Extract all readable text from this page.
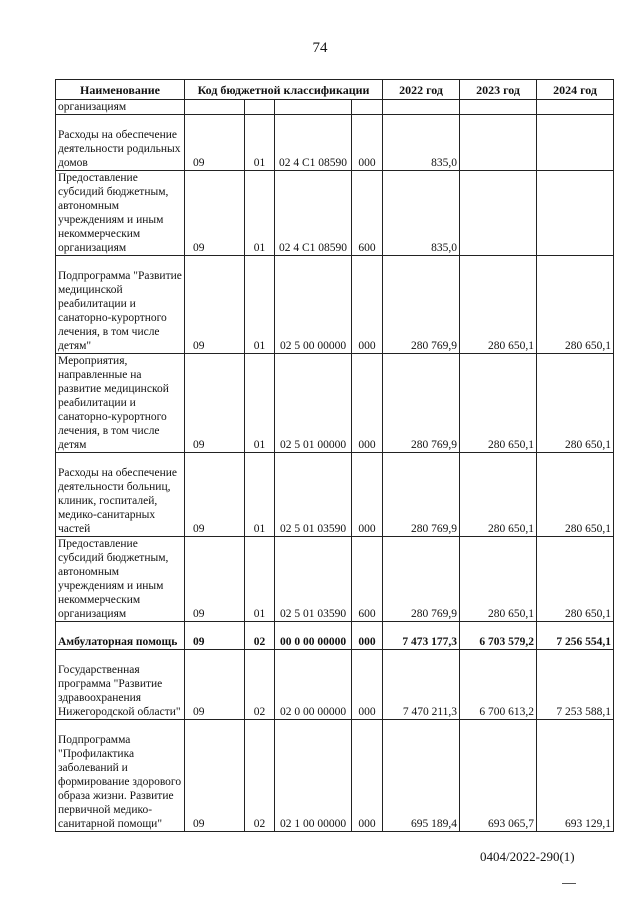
74
Наименование	Код бюджетной классификации					2022 год	2023 год	2024 год
организациям								
Расходы на обеспечение деятельности родильных домов	09		01	02 4 С1 08590	000	835,0		
Предоставление субсидий бюджетным, автономным учреждениям и иным некоммерческим организациям	09		01	02 4 С1 08590	600	835,0		
Подпрограмма "Развитие медицинской реабилитации и санаторно-курортного лечения, в том числе детям"	09		01	02 5 00 00000	000	280 769,9	280 650,1	280 650,1
Мероприятия, направленные на развитие медицинской реабилитации и санаторно-курортного лечения, в том числе детям	09		01	02 5 01 00000	000	280 769,9	280 650,1	280 650,1
Расходы на обеспечение деятельности больниц, клиник, госпиталей, медико-санитарных частей	09		01	02 5 01 03590	000	280 769,9	280 650,1	280 650,1
Предоставление субсидий бюджетным, автономным учреждениям и иным некоммерческим организациям	09		01	02 5 01 03590	600	280 769,9	280 650,1	280 650,1
Амбулаторная помощь	09		02	00 0 00 00000	000	7 473 177,3	6 703 579,2	7 256 554,1
Государственная программа "Развитие здравоохранения Нижегородской области"	09		02	02 0 00 00000	000	7 470 211,3	6 700 613,2	7 253 588,1
Подпрограмма "Профилактика заболеваний и формирование здорового образа жизни. Развитие первичной медико-санитарной помощи"	09		02	02 1 00 00000	000	695 189,4	693 065,7	693 129,1
0404/2022-290(1)
